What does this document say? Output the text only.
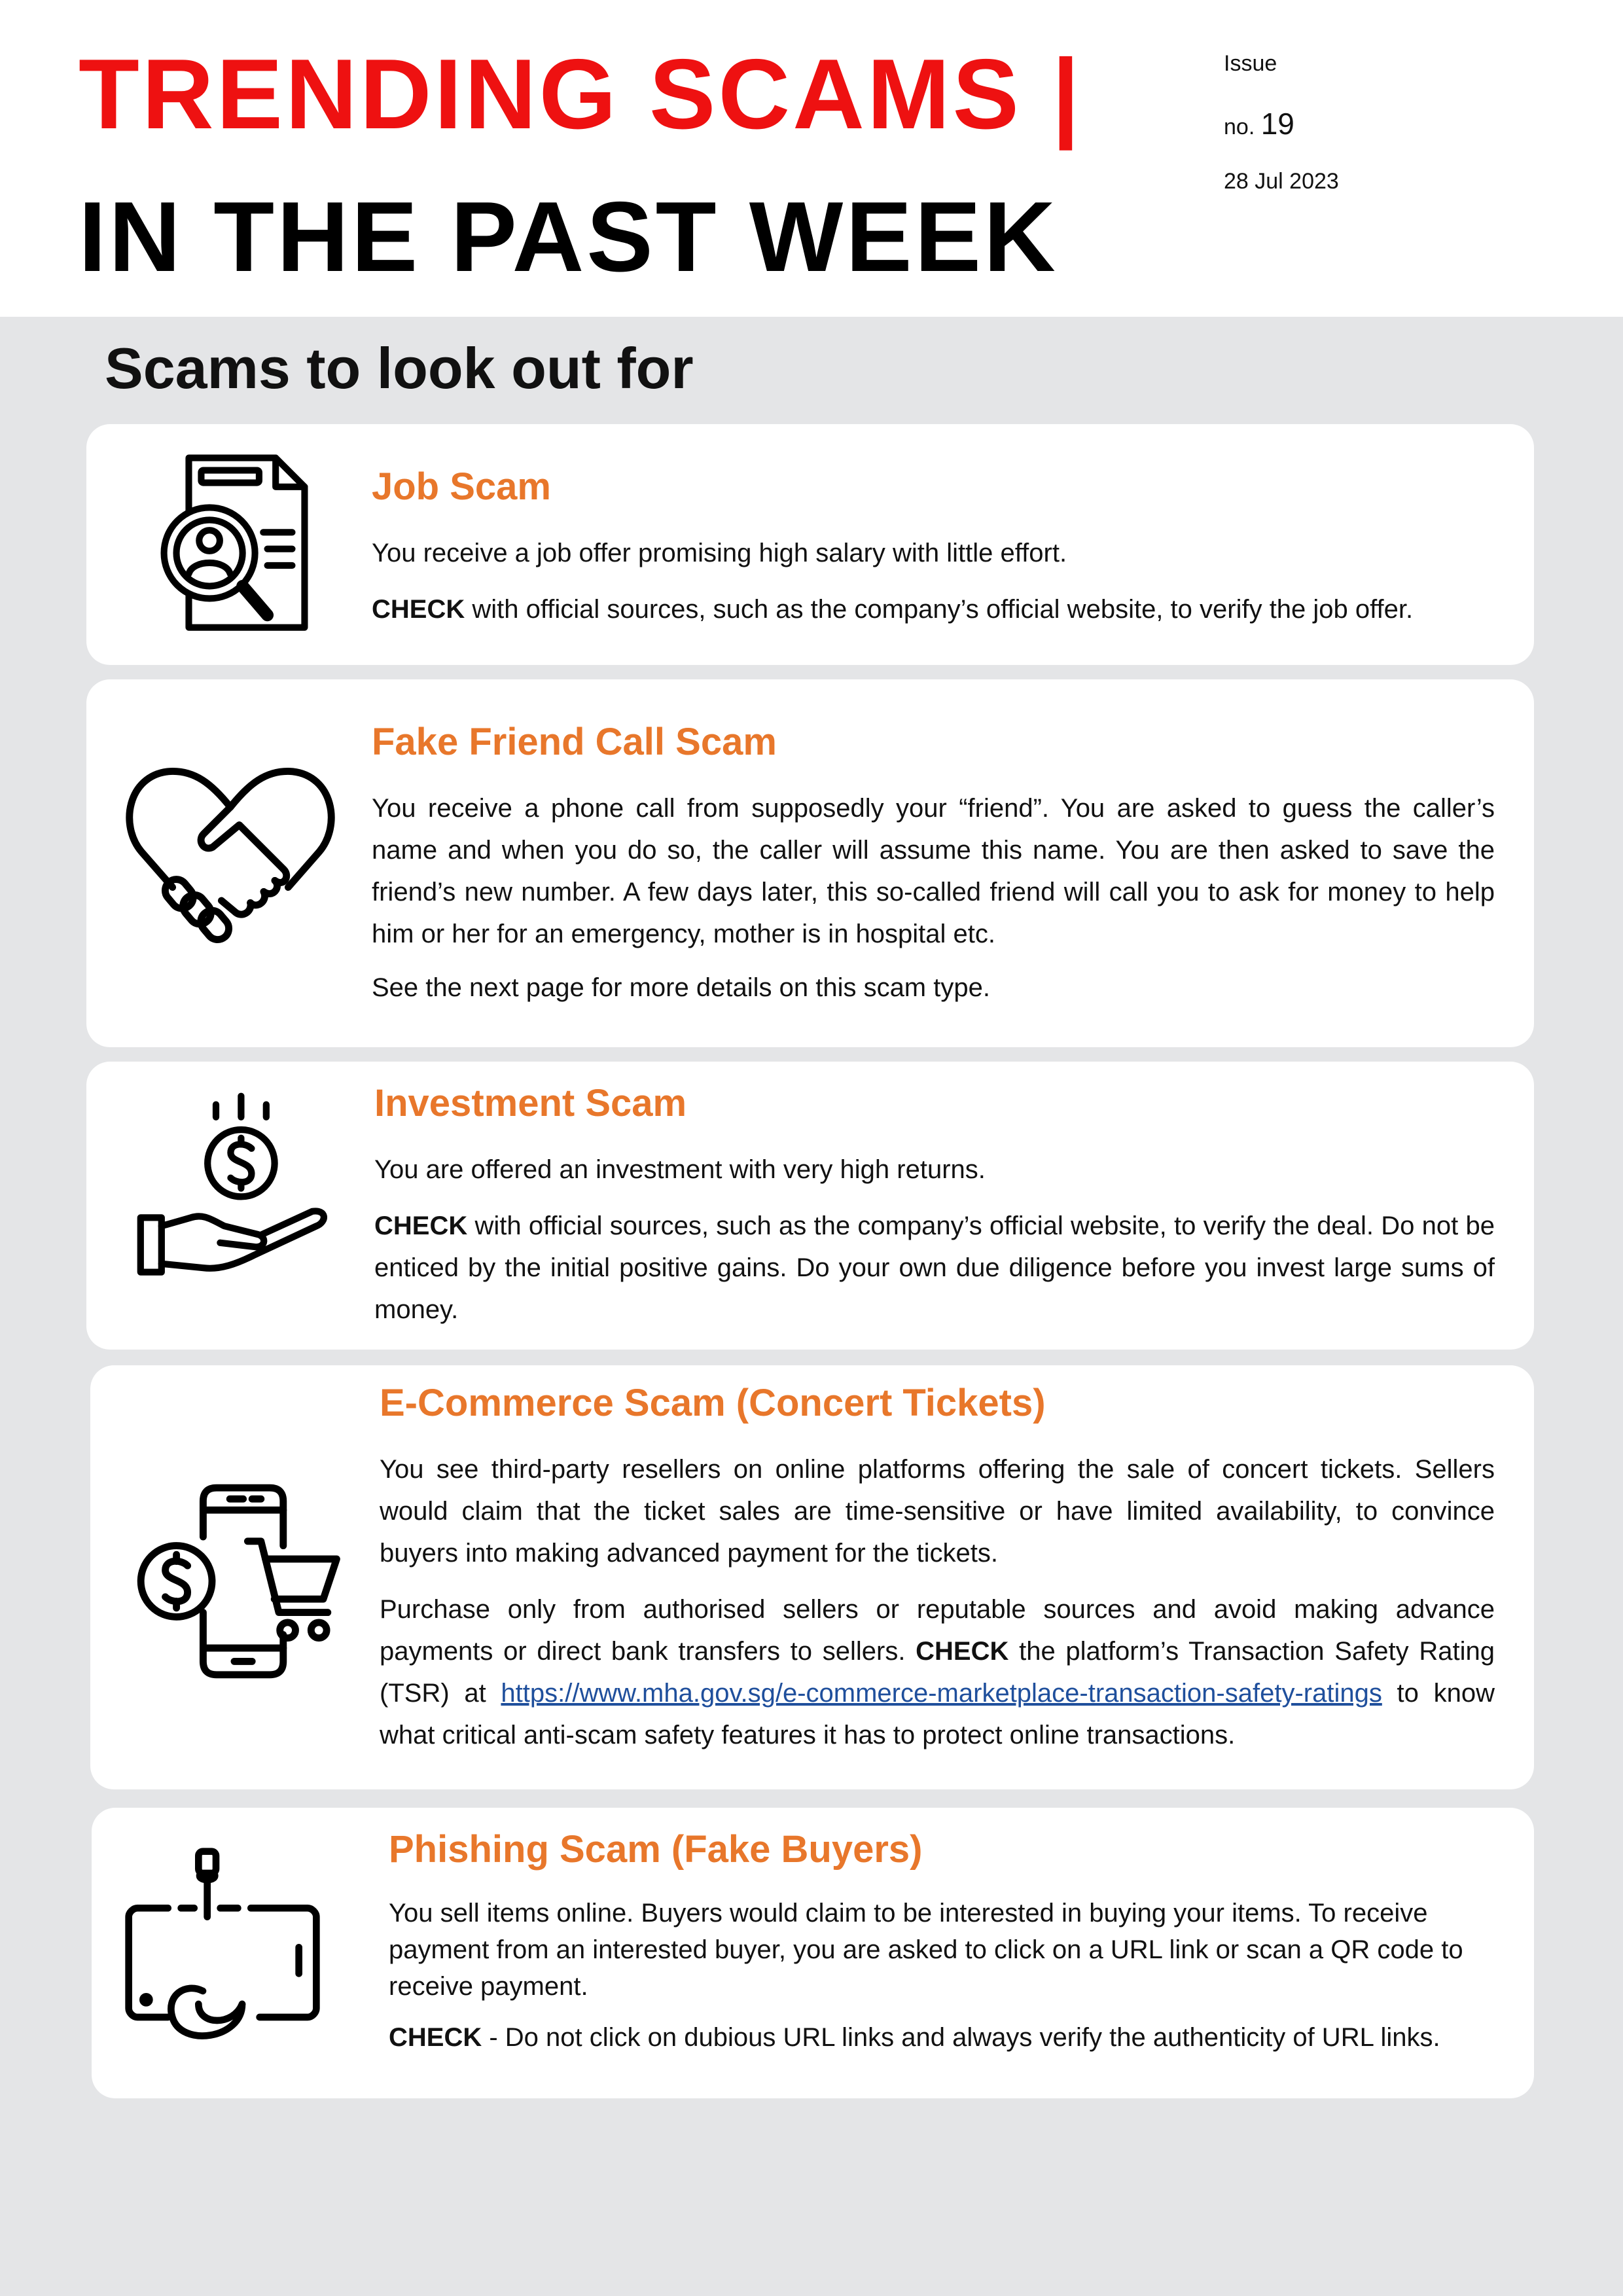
TRENDING SCAMS |
IN THE PAST WEEK
Issue
no. 19
28 Jul 2023
Scams to look out for
Job Scam

You receive a job offer promising high salary with little effort.

CHECK with official sources, such as the company’s official website, to verify the job offer.

Fake Friend Call Scam

You receive a phone call from supposedly your “friend”. You are asked to guess the caller’s name and when you do so, the caller will assume this name. You are then asked to save the friend’s new number. A few days later, this so-called friend will call you to ask for money to help him or her for an emergency, mother is in hospital etc.

See the next page for more details on this scam type.

Investment Scam

You are offered an investment with very high returns.

CHECK with official sources, such as the company’s official website, to verify the deal. Do not be enticed by the initial positive gains. Do your own due diligence before you invest large sums of money.

E-Commerce Scam (Concert Tickets)

You see third-party resellers on online platforms offering the sale of concert tickets. Sellers would claim that the ticket sales are time-sensitive or have limited availability, to convince buyers into making advanced payment for the tickets.

Purchase only from authorised sellers or reputable sources and avoid making advance payments or direct bank transfers to sellers. CHECK the platform’s Transaction Safety Rating (TSR) at https://www.mha.gov.sg/e-commerce-marketplace-transaction-safety-ratings to know what critical anti-scam safety features it has to protect online transactions.

Phishing Scam (Fake Buyers)

You sell items online. Buyers would claim to be interested in buying your items. To receive payment from an interested buyer, you are asked to click on a URL link or scan a QR code to receive payment.

CHECK - Do not click on dubious URL links and always verify the authenticity of URL links.
